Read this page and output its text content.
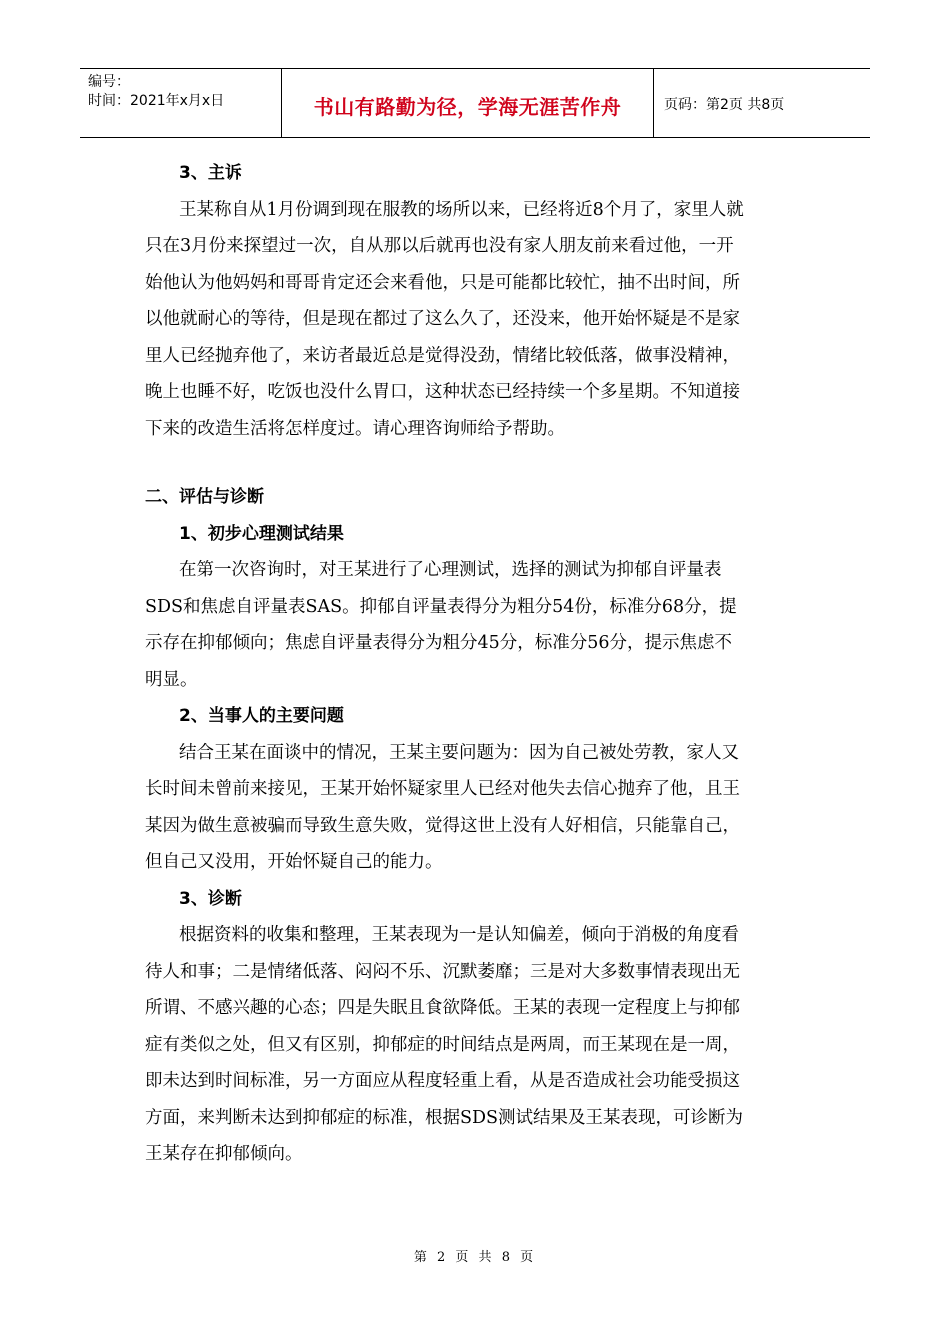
编号：
时间：2021年x月x日	书山有路勤为径，学海无涯苦作舟	页码：第2页 共8页

3、主诉

王某称自从1月份调到现在服教的场所以来，已经将近8个月了，家里人就

只在3月份来探望过一次，自从那以后就再也没有家人朋友前来看过他，一开

始他认为他妈妈和哥哥肯定还会来看他，只是可能都比较忙，抽不出时间，所

以他就耐心的等待，但是现在都过了这么久了，还没来，他开始怀疑是不是家

里人已经抛弃他了，来访者最近总是觉得没劲，情绪比较低落，做事没精神，

晚上也睡不好，吃饭也没什么胃口，这种状态已经持续一个多星期。不知道接

下来的改造生活将怎样度过。请心理咨询师给予帮助。

二、评估与诊断

1、初步心理测试结果

在第一次咨询时，对王某进行了心理测试，选择的测试为抑郁自评量表

SDS和焦虑自评量表SAS。抑郁自评量表得分为粗分54份，标准分68分，提

示存在抑郁倾向；焦虑自评量表得分为粗分45分，标准分56分，提示焦虑不

明显。

2、当事人的主要问题

结合王某在面谈中的情况，王某主要问题为：因为自己被处劳教，家人又

长时间未曾前来接见，王某开始怀疑家里人已经对他失去信心抛弃了他，且王

某因为做生意被骗而导致生意失败，觉得这世上没有人好相信，只能靠自己，

但自己又没用，开始怀疑自己的能力。

3、诊断

根据资料的收集和整理，王某表现为一是认知偏差，倾向于消极的角度看

待人和事；二是情绪低落、闷闷不乐、沉默萎靡；三是对大多数事情表现出无

所谓、不感兴趣的心态；四是失眠且食欲降低。王某的表现一定程度上与抑郁

症有类似之处，但又有区别，抑郁症的时间结点是两周，而王某现在是一周，

即未达到时间标准，另一方面应从程度轻重上看，从是否造成社会功能受损这

方面，来判断未达到抑郁症的标准，根据SDS测试结果及王某表现，可诊断为

王某存在抑郁倾向。

第 2 页 共 8 页
